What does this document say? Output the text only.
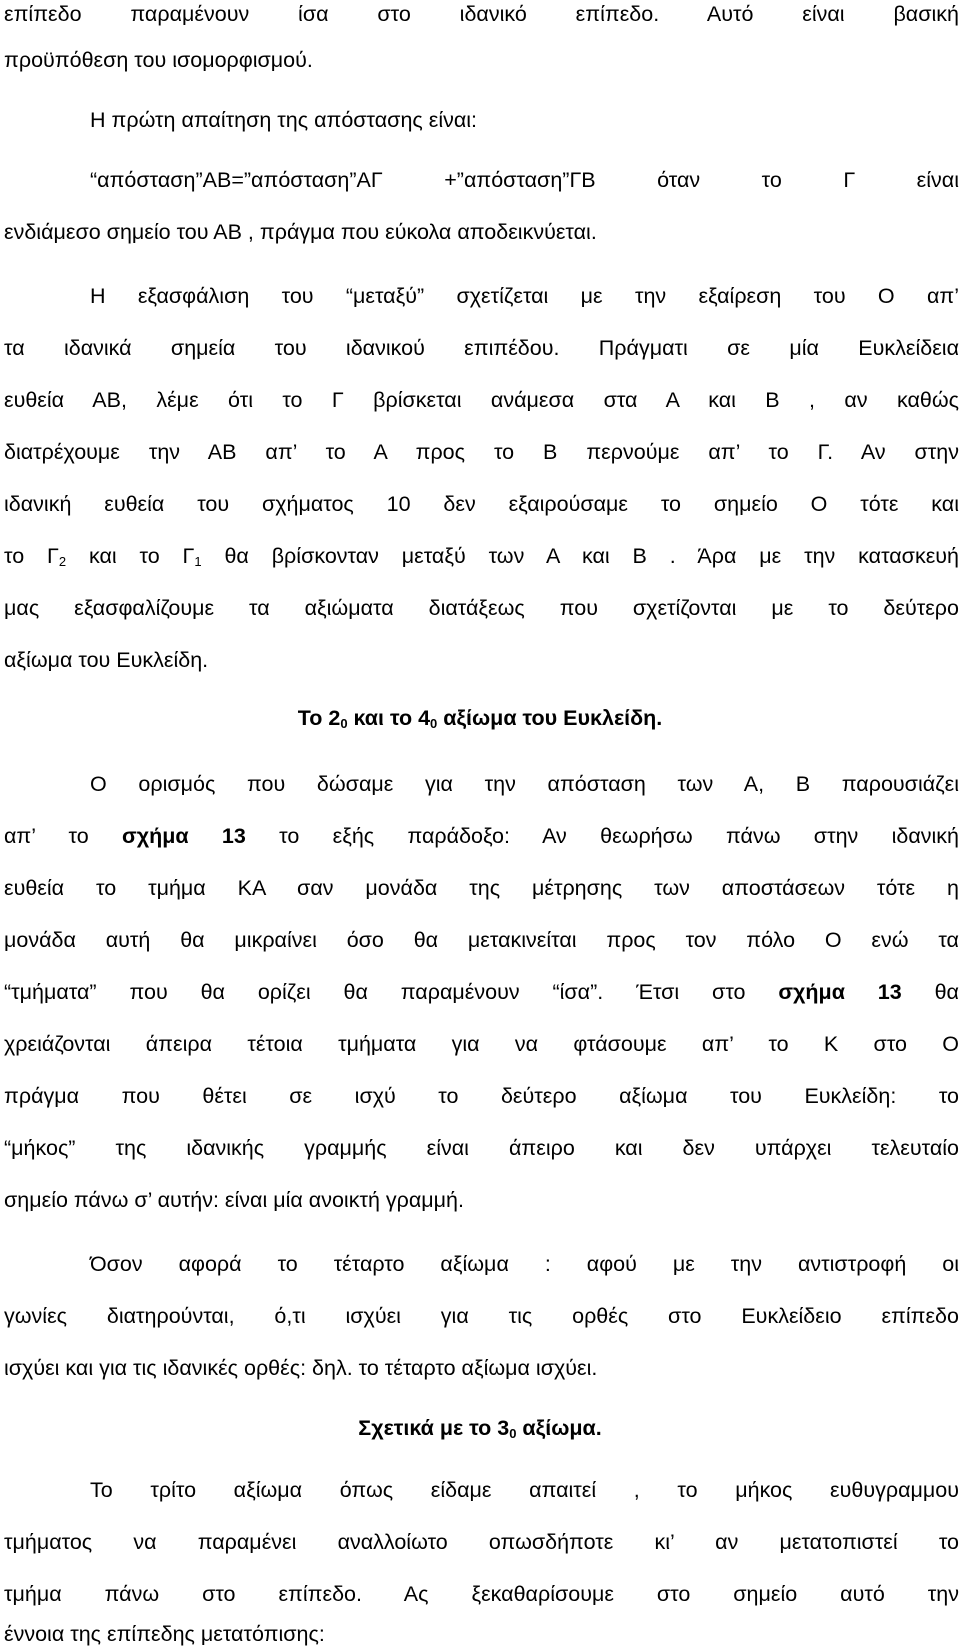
επίπεδο παραμένουν ίσα στο ιδανικό επίπεδο. Αυτό είναι βασική
προϋπόθεση του ισομορφισμού.
Η πρώτη απαίτηση της απόστασης είναι:
“απόσταση”ΑΒ=”απόσταση”ΑΓ +”απόσταση”ΓΒ όταν το Γ είναι
ενδιάμεσο σημείο του ΑΒ , πράγμα που εύκολα αποδεικνύεται.
Η εξασφάλιση του “μεταξύ” σχετίζεται με την εξαίρεση του Ο απ’
τα ιδανικά σημεία του ιδανικού επιπέδου. Πράγματι σε μία Ευκλείδεια
ευθεία ΑΒ, λέμε ότι το Γ βρίσκεται ανάμεσα στα Α και Β , αν καθώς
διατρέχουμε την ΑΒ απ’ το Α προς το Β περνούμε απ’ το Γ. Αν στην
ιδανική ευθεία του σχήματος 10 δεν εξαιρούσαμε το σημείο Ο τότε και
το $\Gamma_2$ και το $\Gamma_1$ θα βρίσκονταν μεταξύ των Α και Β . Άρα με την κατασκευή
μας εξασφαλίζουμε τα αξιώματα διατάξεως που σχετίζονται με το δεύτερο
αξίωμα του Ευκλείδη.
Το $2_0$ και το $4_0$ αξίωμα του Ευκλείδη.
Ο ορισμός που δώσαμε για την απόσταση των Α, Β παρουσιάζει
απ’ το σχήμα 13 το εξής παράδοξο: Αν θεωρήσω πάνω στην ιδανική
ευθεία το τμήμα ΚΑ σαν μονάδα της μέτρησης των αποστάσεων τότε η
μονάδα αυτή θα μικραίνει όσο θα μετακινείται προς τον πόλο Ο ενώ τα
“τμήματα” που θα ορίζει θα παραμένουν “ίσα”. Έτσι στο σχήμα 13 θα
χρειάζονται άπειρα τέτοια τμήματα για να φτάσουμε απ’ το Κ στο Ο
πράγμα που θέτει σε ισχύ το δεύτερο αξίωμα του Ευκλείδη: το
“μήκος” της ιδανικής γραμμής είναι άπειρο και δεν υπάρχει τελευταίο
σημείο πάνω σ’ αυτήν: είναι μία ανοικτή γραμμή.
Όσον αφορά το τέταρτο αξίωμα : αφού με την αντιστροφή οι
γωνίες διατηρούνται, ό,τι ισχύει για τις ορθές στο Ευκλείδειο επίπεδο
ισχύει και για τις ιδανικές ορθές: δηλ. το τέταρτο αξίωμα ισχύει.
Σχετικά με το $3_0$ αξίωμα.
Το τρίτο αξίωμα όπως είδαμε απαιτεί , το μήκος ευθυγραμμου
τμήματος να παραμένει αναλλοίωτο οπωσδήποτε κι’ αν μετατοπιστεί το
τμήμα πάνω στο επίπεδο. Ας ξεκαθαρίσουμε στο σημείο αυτό την
έννοια της επίπεδης μετατόπισης:
